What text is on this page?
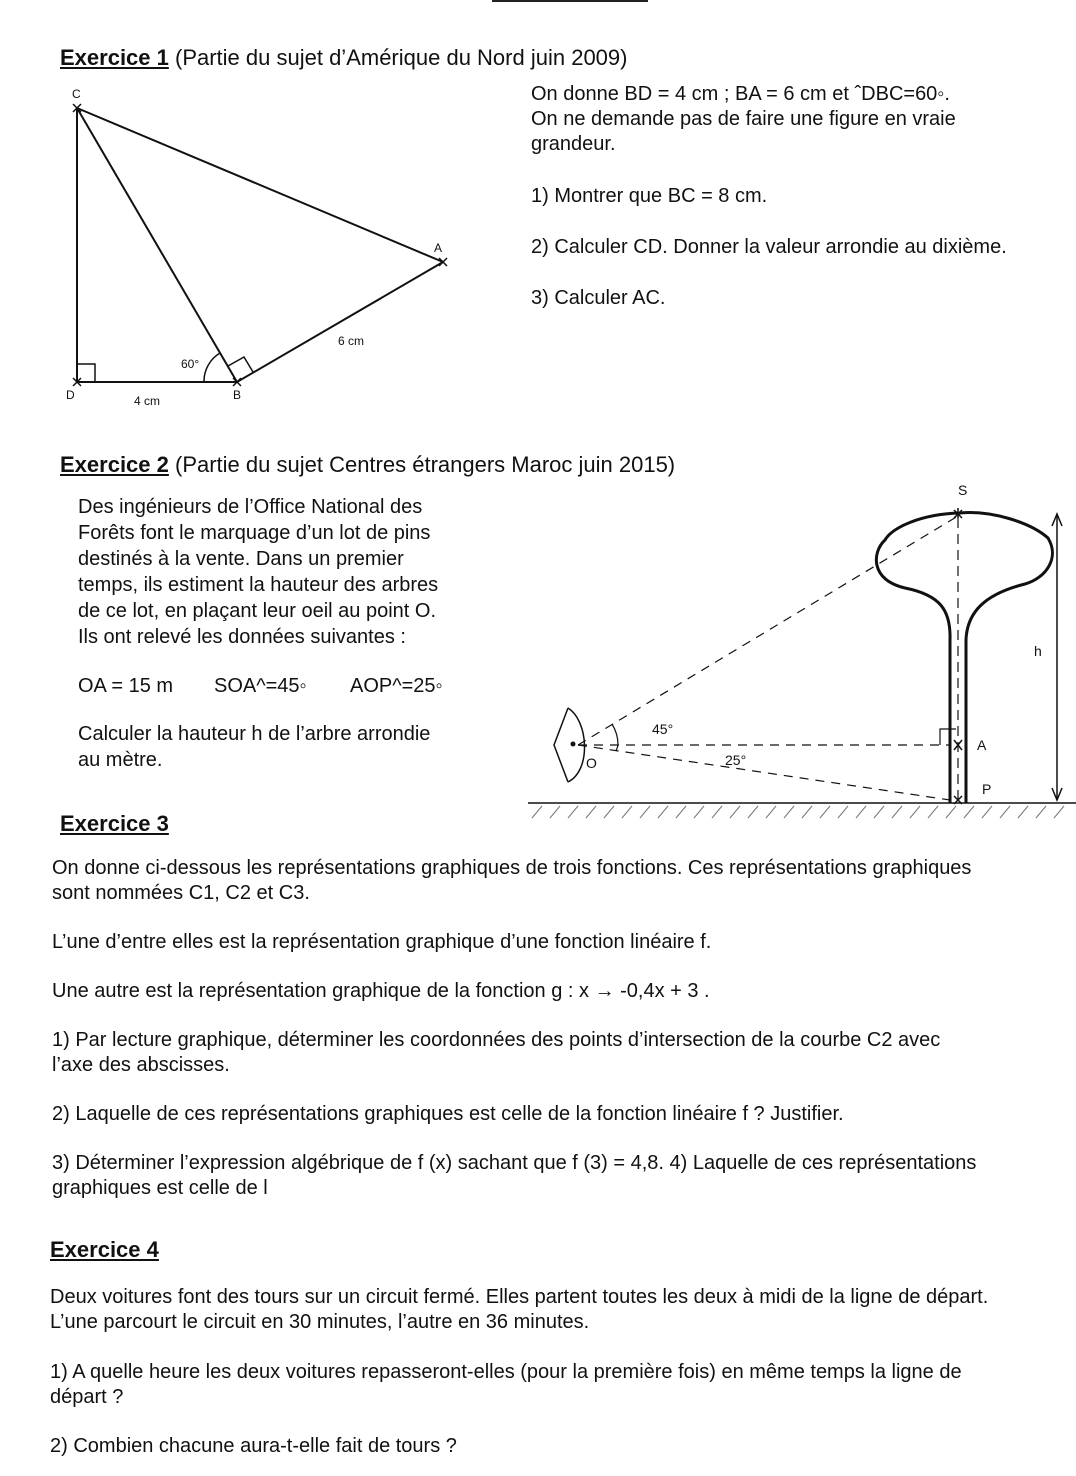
Exercice 1 (Partie du sujet d’Amérique du Nord juin 2009)
On donne BD = 4 cm ; BA = 6 cm et ˆDBC=60◦.
On ne demande pas de faire une figure en vraie
grandeur.
1) Montrer que BC = 8 cm.
2) Calculer CD. Donner la valeur arrondie au dixième.
3) Calculer AC.
C
A
D	B
60°
6 cm
4 cm
Exercice 2 (Partie du sujet Centres étrangers Maroc juin 2015)
Des ingénieurs de l’Office National des
Forêts font le marquage d’un lot de pins
destinés à la vente. Dans un premier
temps, ils estiment la hauteur des arbres
de ce lot, en plaçant leur oeil au point O.
Ils ont relevé les données suivantes :
OA = 15 m SOA^=45◦ AOP^=25◦
Calculer la hauteur h de l’arbre arrondie
au mètre.
S
h
A
P
O
45°
25°
Exercice 3
On donne ci-dessous les représentations graphiques de trois fonctions. Ces représentations graphiques
sont nommées C1, C2 et C3.
L’une d’entre elles est la représentation graphique d’une fonction linéaire f.
Une autre est la représentation graphique de la fonction g : x → -0,4x + 3 .
1) Par lecture graphique, déterminer les coordonnées des points d’intersection de la courbe C2 avec
l’axe des abscisses.
2) Laquelle de ces représentations graphiques est celle de la fonction linéaire f ? Justifier.
3) Déterminer l’expression algébrique de f (x) sachant que f (3) = 4,8. 4) Laquelle de ces représentations
graphiques est celle de l
Exercice 4
Deux voitures font des tours sur un circuit fermé. Elles partent toutes les deux à midi de la ligne de départ.
L’une parcourt le circuit en 30 minutes, l’autre en 36 minutes.
1) A quelle heure les deux voitures repasseront-elles (pour la première fois) en même temps la ligne de
départ ?
2) Combien chacune aura-t-elle fait de tours ?
